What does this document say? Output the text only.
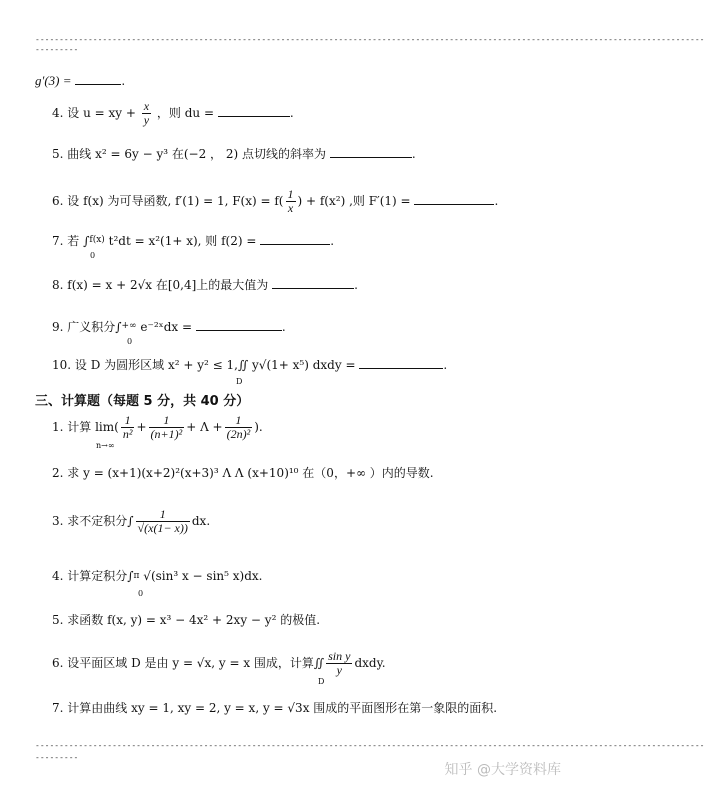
-------------------------------------------------------------------------------------------------------------------------------------------
---------
g′(3) =	.
4. 设 u = xy + $\frac{x}{y}$ ，则 du =	.
5. 曲线 x² = 6y − y³ 在(−2 ， 2) 点切线的斜率为	.
6. 设 f(x) 为可导函数, f′(1) = 1, $F(x) = f( \frac{1}{x}$ ) + f(x²) ,则 F′(1) =	.
7. 若 ∫$^{f(x)}$ t²dt = x²(1+ x), 则 f(2) =	.
0
8. f(x) = x + 2√x 在[0,4]上的最大值为	.
9. 广义积分∫+∞ e⁻²ˣdx =	.
0
10. 设 D 为圆形区域 x² + y² ≤ 1,∬ y√(1+ x⁵) dxdy =	.
D
三、计算题（每题 5 分，共 40 分）
1. 计算 $\lim( \frac{1}{\text{n²}} + \frac{1}{\text{(n+1)²}} + \Lambda + \frac{1}{\text{(2n)²}}$ ).
n→∞
2. 求 y = (x+1)(x+2)²(x+3)³ Λ Λ (x+10)¹⁰ 在（0，+∞ ）内的导数.
3. 求不定积分∫ $\frac{1}{√(x(1- x))}$ dx.
4. 计算定积分∫$^\pi$ √(sin³ x − sin⁵ x)dx.
0
5. 求函数 f(x, y) = x³ − 4x² + 2xy − y² 的极值.
6. 设平面区域 D 是由 y = √x, y = x 围成，计算∬ $\frac{\text{sin y}}{y}$ dxdy.
D
7. 计算由曲线 xy = 1, xy = 2, y = x, y = √3x 围成的平面图形在第一象限的面积.
-------------------------------------------------------------------------------------------------------------------------------------------
---------
知乎 @大学资料库
